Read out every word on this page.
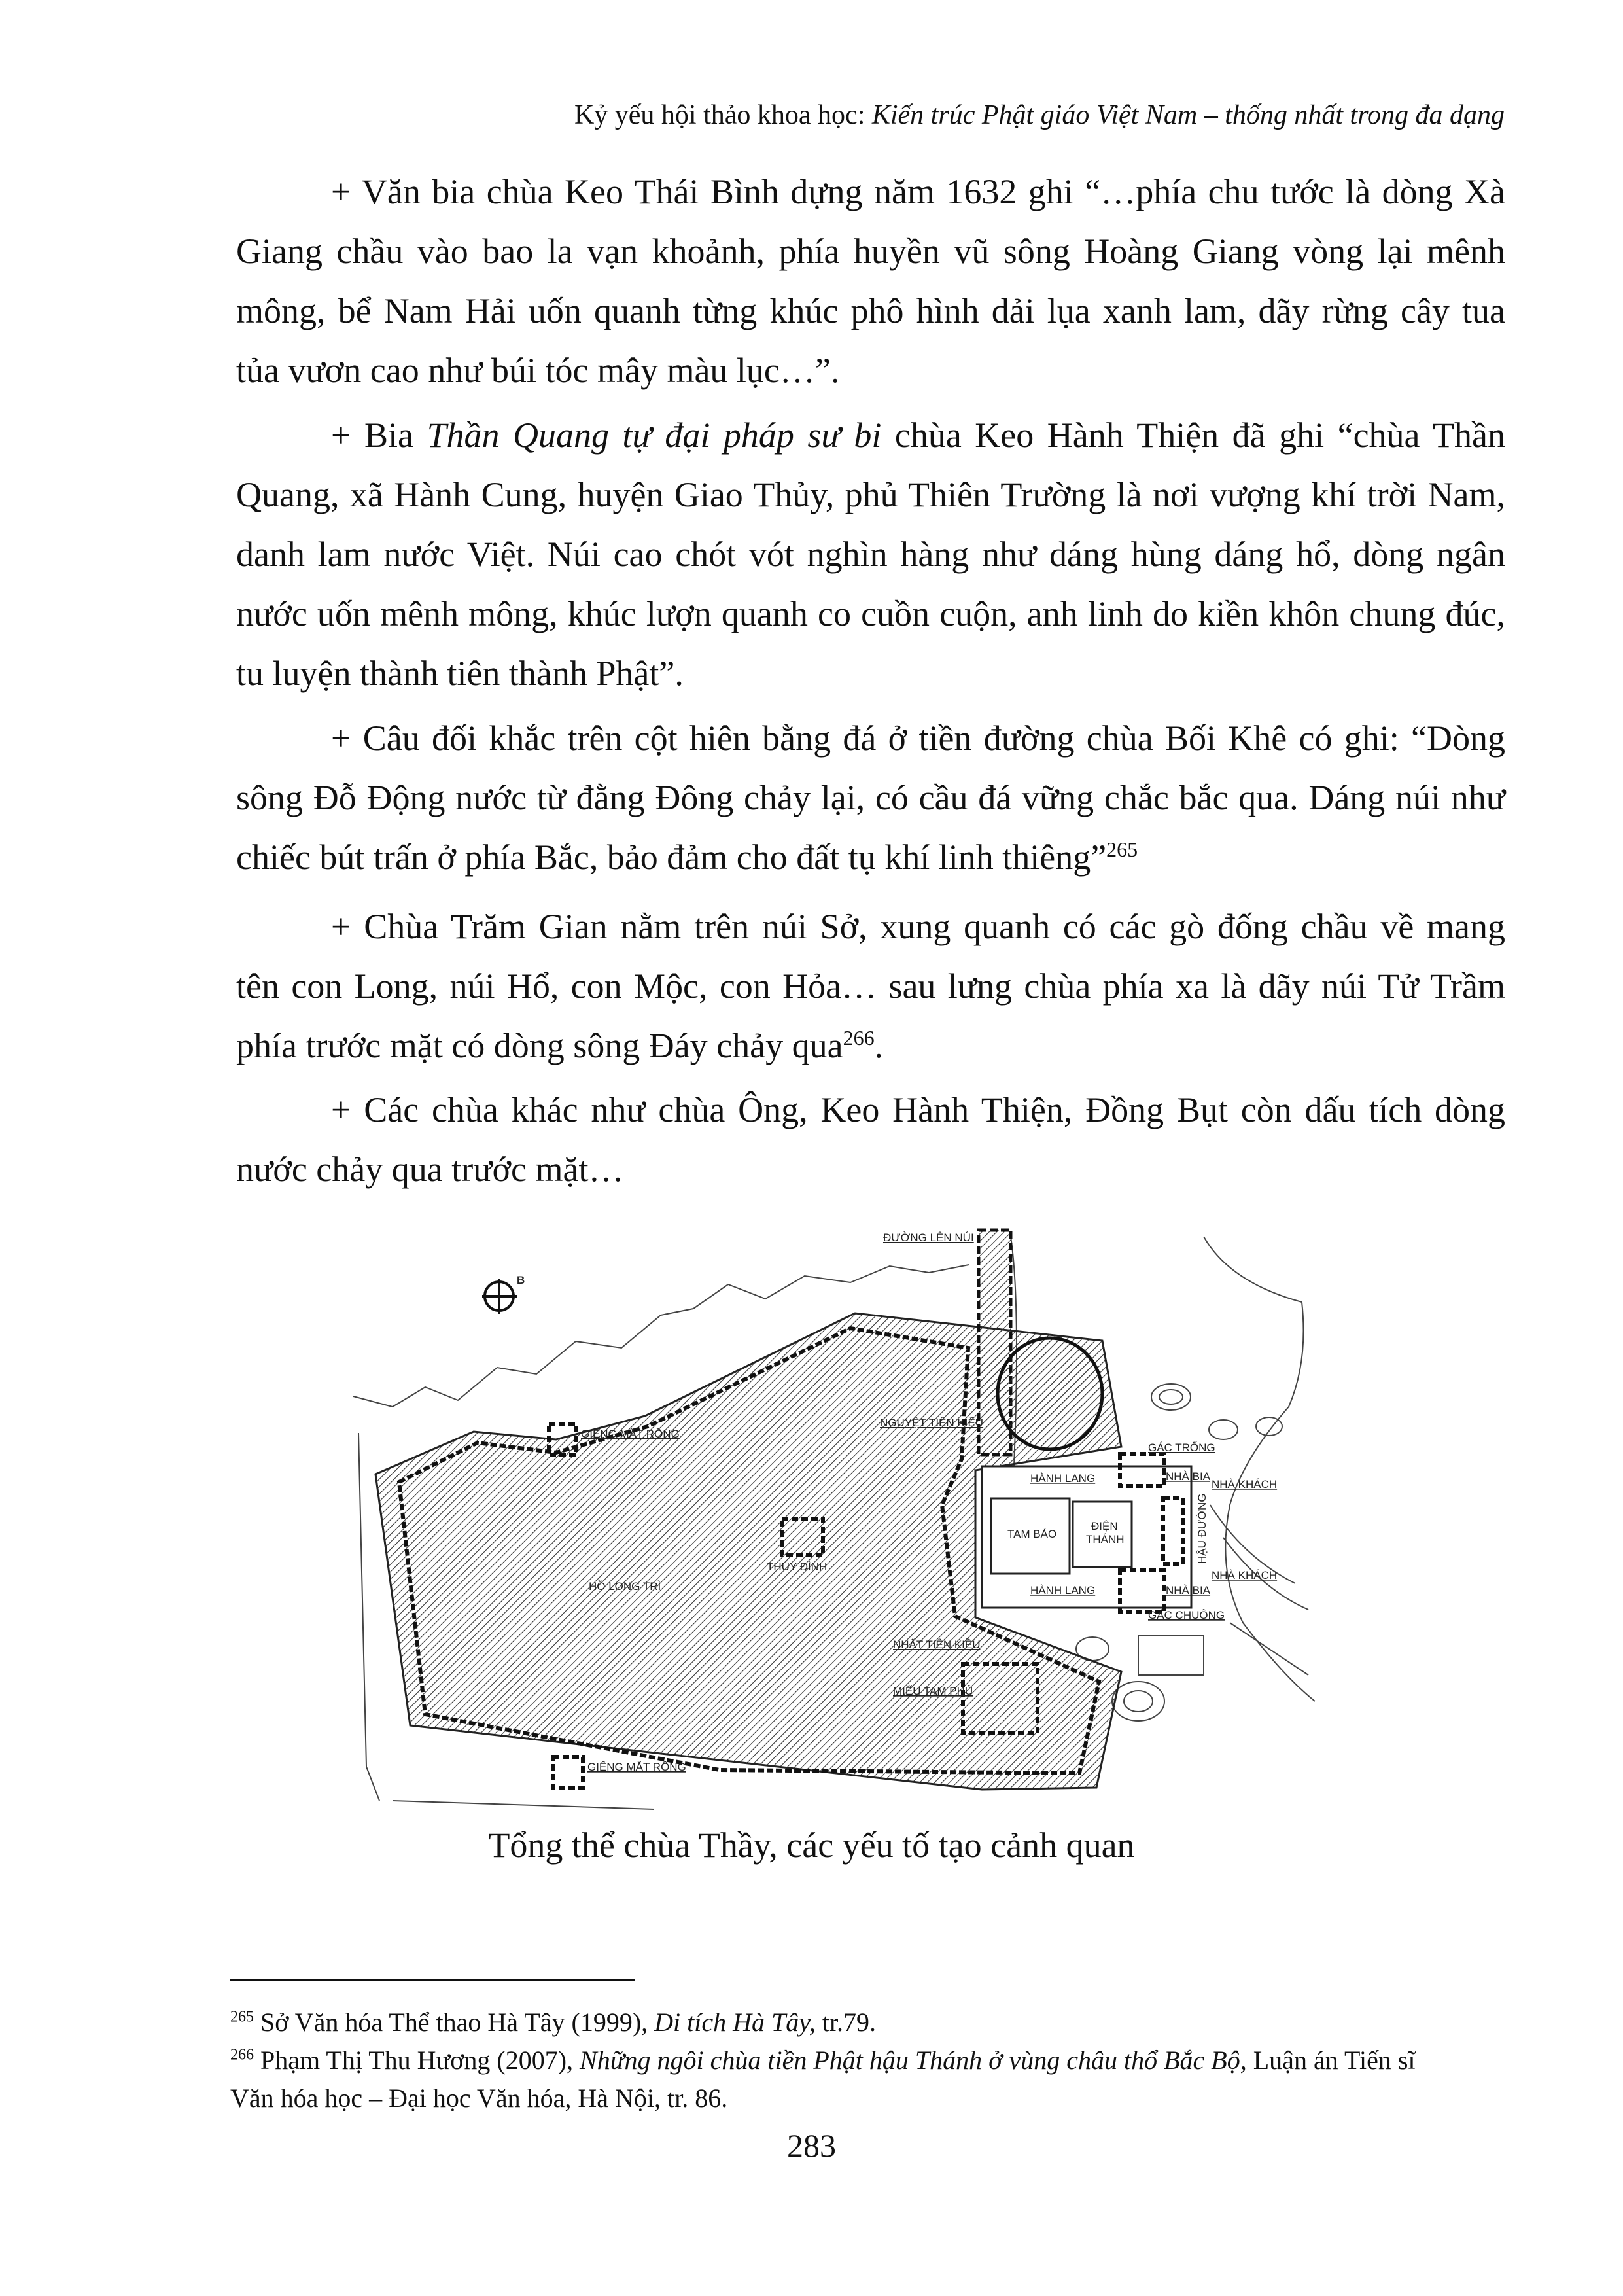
Kỷ yếu hội thảo khoa học: Kiến trúc Phật giáo Việt Nam – thống nhất trong đa dạng
+ Văn bia chùa Keo Thái Bình dựng năm 1632 ghi “…phía chu tước là dòng Xà
Giang chầu vào bao la vạn khoảnh, phía huyền vũ sông Hoàng Giang vòng lại mênh
mông, bể Nam Hải uốn quanh từng khúc phô hình dải lụa xanh lam, dãy rừng cây tua
tủa vươn cao như búi tóc mây màu lục…”.
+ Bia Thần Quang tự đại pháp sư bi chùa Keo Hành Thiện đã ghi “chùa Thần
Quang, xã Hành Cung, huyện Giao Thủy, phủ Thiên Trường là nơi vượng khí trời Nam,
danh lam nước Việt. Núi cao chót vót nghìn hàng như dáng hùng dáng hổ, dòng ngân
nước uốn mênh mông, khúc lượn quanh co cuồn cuộn, anh linh do kiền khôn chung đúc,
tu luyện thành tiên thành Phật”.
+ Câu đối khắc trên cột hiên bằng đá ở tiền đường chùa Bối Khê có ghi: “Dòng
sông Đỗ Động nước từ đằng Đông chảy lại, có cầu đá vững chắc bắc qua. Dáng núi như
chiếc bút trấn ở phía Bắc, bảo đảm cho đất tụ khí linh thiêng”$^{265}$
+ Chùa Trăm Gian nằm trên núi Sở, xung quanh có các gò đống chầu về mang
tên con Long, núi Hổ, con Mộc, con Hỏa… sau lưng chùa phía xa là dãy núi Tử Trầm
phía trước mặt có dòng sông Đáy chảy qua$^{266}$.
+ Các chùa khác như chùa Ông, Keo Hành Thiện, Đồng Bụt còn dấu tích dòng
nước chảy qua trước mặt…
B
ĐƯỜNG LÊN NÚI
GIẾNG MẮT RỒNG
NGUYỆT TIÊN KIỀU
GÁC TRỐNG
HÀNH LANG	NHÀ BIA
NHÀ KHÁCH
TAM BẢO
ĐIỆN
THÁNH	HẬU ĐƯỜNG
THỦY ĐÌNH
HỒ LONG TRÌ
NHÀ KHÁCH
HÀNH LANG	NHÀ BIA
GÁC CHUÔNG
NHẤT TIÊN KIỀU
MIẾU TAM PHỦ
GIẾNG MẮT RỒNG
Tổng thể chùa Thầy, các yếu tố tạo cảnh quan
$^{265}$ Sở Văn hóa Thể thao Hà Tây (1999), Di tích Hà Tây, tr.79.
$^{266}$ Phạm Thị Thu Hương (2007), Những ngôi chùa tiền Phật hậu Thánh ở vùng châu thổ Bắc Bộ, Luận án Tiến sĩ
Văn hóa học – Đại học Văn hóa, Hà Nội, tr. 86.
283
